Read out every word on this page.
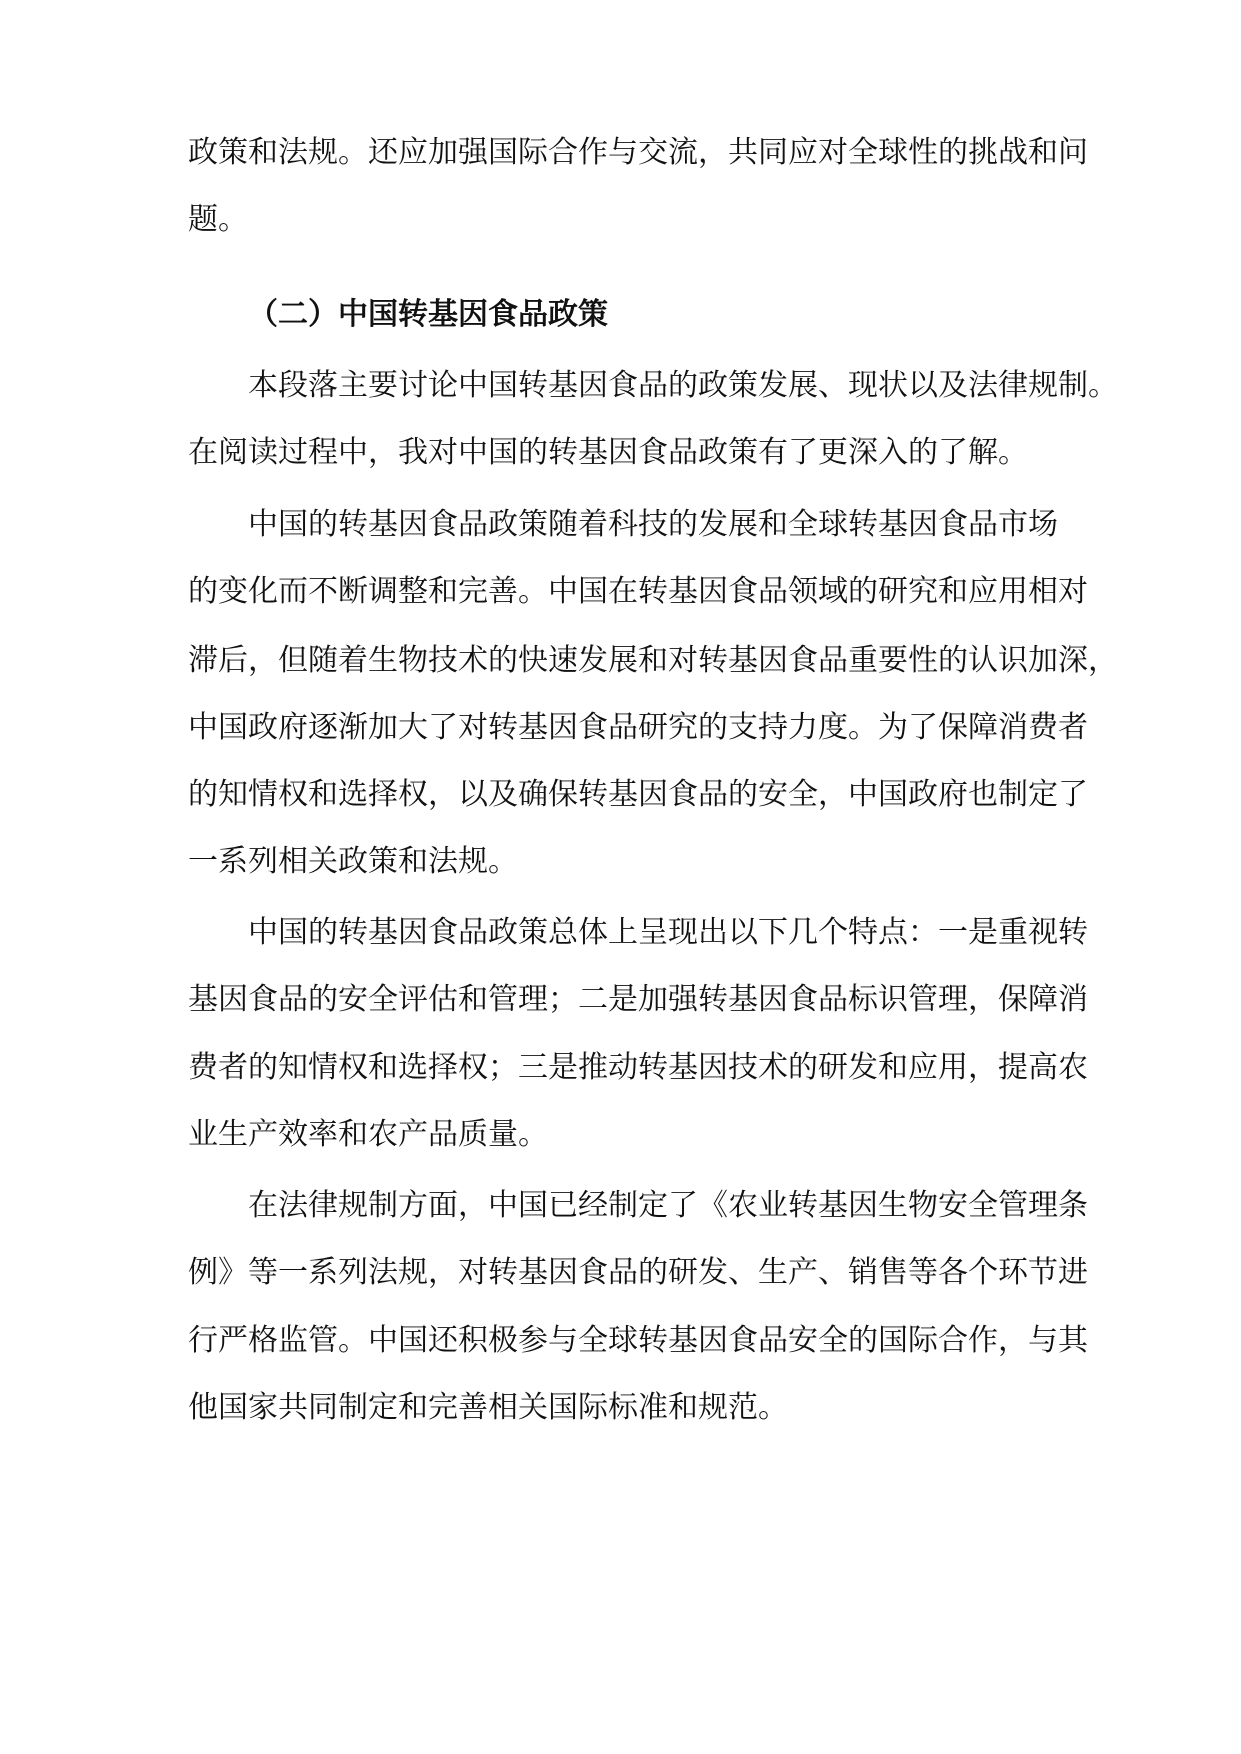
政策和法规。还应加强国际合作与交流，共同应对全球性的挑战和问
题。
（二）中国转基因食品政策
本段落主要讨论中国转基因食品的政策发展、现状以及法律规制。
在阅读过程中，我对中国的转基因食品政策有了更深入的了解。
中国的转基因食品政策随着科技的发展和全球转基因食品市场
的变化而不断调整和完善。中国在转基因食品领域的研究和应用相对
滞后，但随着生物技术的快速发展和对转基因食品重要性的认识加深，
中国政府逐渐加大了对转基因食品研究的支持力度。为了保障消费者
的知情权和选择权，以及确保转基因食品的安全，中国政府也制定了
一系列相关政策和法规。
中国的转基因食品政策总体上呈现出以下几个特点：一是重视转
基因食品的安全评估和管理；二是加强转基因食品标识管理，保障消
费者的知情权和选择权；三是推动转基因技术的研发和应用，提高农
业生产效率和农产品质量。
在法律规制方面，中国已经制定了《农业转基因生物安全管理条
例》等一系列法规，对转基因食品的研发、生产、销售等各个环节进
行严格监管。中国还积极参与全球转基因食品安全的国际合作，与其
他国家共同制定和完善相关国际标准和规范。
